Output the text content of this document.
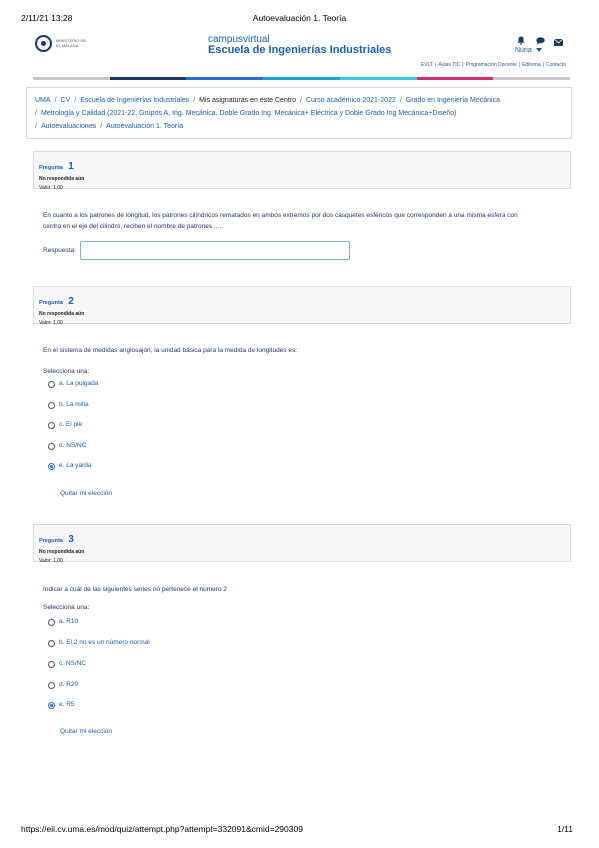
2/11/21 13:28	Autoevaluación 1. Teoría
https://eii.cv.uma.es/mod/quiz/attempt.php?attempt=332091&cmid=290309	1/11
MINISTERIO DE EL MÁLAGA
campusvirtual
Escuela de Ingenierías Industriales	Nuria
EVLT | Aulas TIC | Programación Docente | Editorna | Contacto
UMA / CV / Escuela de Ingenierías Industriales / Mis asignaturas en este Centro / Curso académico 2021-2022 / Grado en Ingeniería Mecánica
/ Metrología y Calidad (2021-22, Grupos A, Ing. Mecánica, Doble Grado Ing. Mecánica+ Eléctrica y Doble Grado Ing Mecánica+Diseño)
/ Autoevaluaciones / Autoevaluación 1. Teoría
Pregunta 1
No respondida aún
Valor: 1,00
En cuanto a los patrones de longitud, los patrones cilíndricos rematados en ambos extremos por dos casquetes esféricos que corresponden a una misma esfera con
centro en el eje del cilindro, reciben el nombre de patrones .....
Respuesta:
Pregunta 2
No respondida aún
Valor: 1,00
En el sistema de medidas anglosajón, la unidad básica para la medida de longitudes es:
Selecciona una:
a. La pulgada
b. La milla
c. El pie
d. NS/NC
e. La yarda
Quitar mi elección
Pregunta 3
No respondida aún
Valor: 1,00
Indicar a cuál de las siguientes series no pertenece el número 2
Selecciona una:
a. R10
b. El 2 no es un número normal
c. NS/NC
d. R20
e. R5
Quitar mi elección
